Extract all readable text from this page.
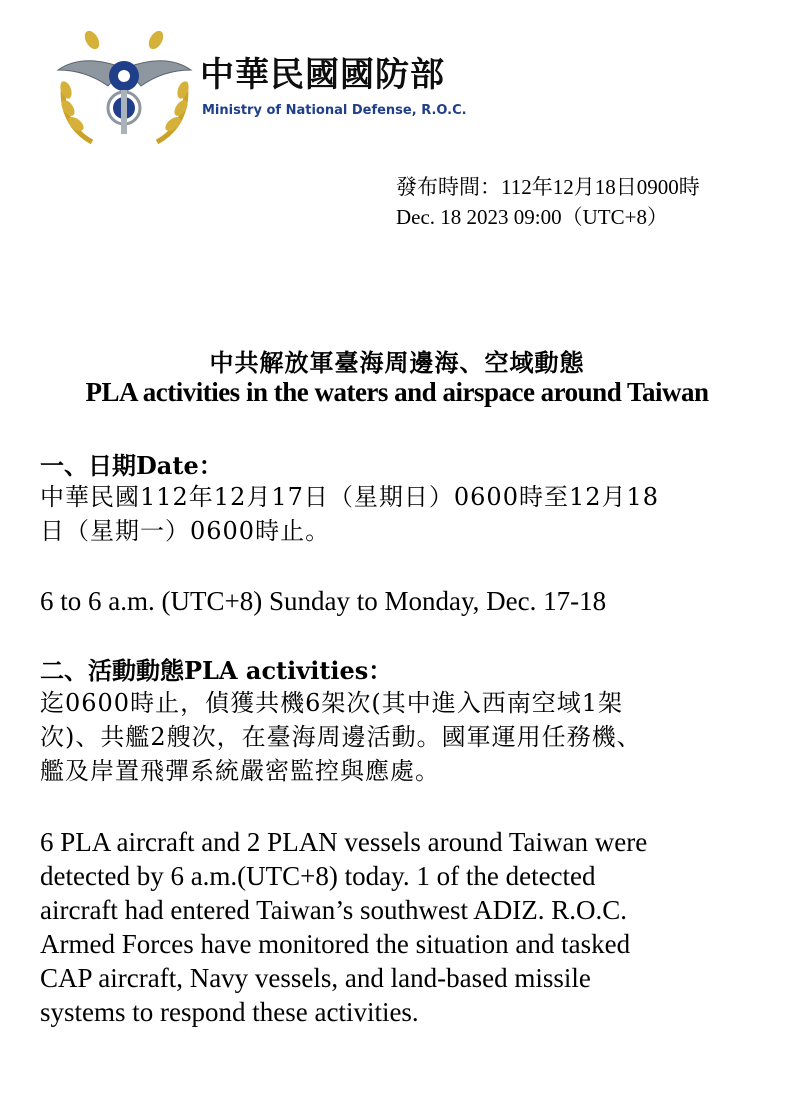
中華民國國防部
Ministry of National Defense, R.O.C.
發布時間：112年12月18日0900時
Dec. 18 2023 09:00（UTC+8）
中共解放軍臺海周邊海、空域動態
PLA activities in the waters and airspace around Taiwan
一、日期Date：
中華民國112年12月17日（星期日）0600時至12月18
日（星期一）0600時止。
6 to 6 a.m. (UTC+8) Sunday to Monday, Dec. 17-18
二、活動動態PLA activities：
迄0600時止，偵獲共機6架次(其中進入西南空域1架
次)、共艦2艘次，在臺海周邊活動。國軍運用任務機、
艦及岸置飛彈系統嚴密監控與應處。
6 PLA aircraft and 2 PLAN vessels around Taiwan were
detected by 6 a.m.(UTC+8) today. 1 of the detected
aircraft had entered Taiwan’s southwest ADIZ. R.O.C.
Armed Forces have monitored the situation and tasked
CAP aircraft, Navy vessels, and land-based missile
systems to respond these activities.
